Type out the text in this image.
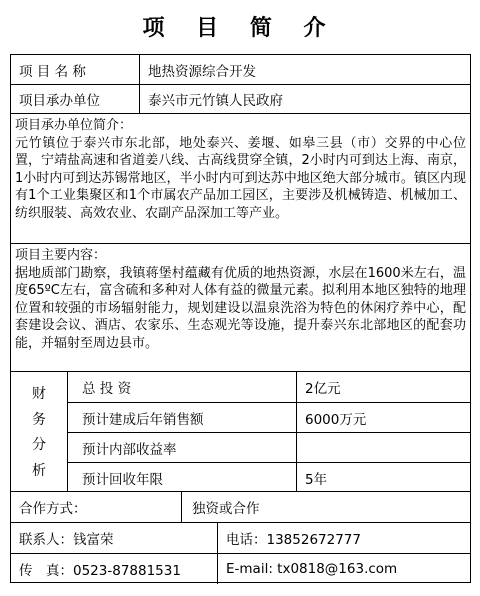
项 目 简 介
项 目 名 称	地热资源综合开发
项目承办单位	泰兴市元竹镇人民政府
项目承办单位简介：
元竹镇位于泰兴市东北部，地处泰兴、姜堰、如皋三县（市）交界的中心位置，宁靖盐高速和省道姜八线、古高线贯穿全镇，2小时内可到达上海、南京，1小时内可到达苏锡常地区，半小时内可到达苏中地区绝大部分城市。镇区内现有1个工业集聚区和1个市属农产品加工园区，主要涉及机械铸造、机械加工、纺织服装、高效农业、农副产品深加工等产业。
项目主要内容：
据地质部门勘察，我镇蒋堡村蕴藏有优质的地热资源，水层在1600米左右，温度65ºC左右，富含硫和多种对人体有益的微量元素。拟利用本地区独特的地理位置和较强的市场辐射能力，规划建设以温泉洗浴为特色的休闲疗养中心，配套建设会议、酒店、农家乐、生态观光等设施，提升泰兴东北部地区的配套功能，并辐射至周边县市。
财
务
分
析
总 投 资	2亿元
预计建成后年销售额	6000万元
预计内部收益率
预计回收年限	5年
合作方式：	独资或合作
联系人：钱富荣	电话：13852672777
传　真：0523-87881531	E-mail: tx0818@163.com
